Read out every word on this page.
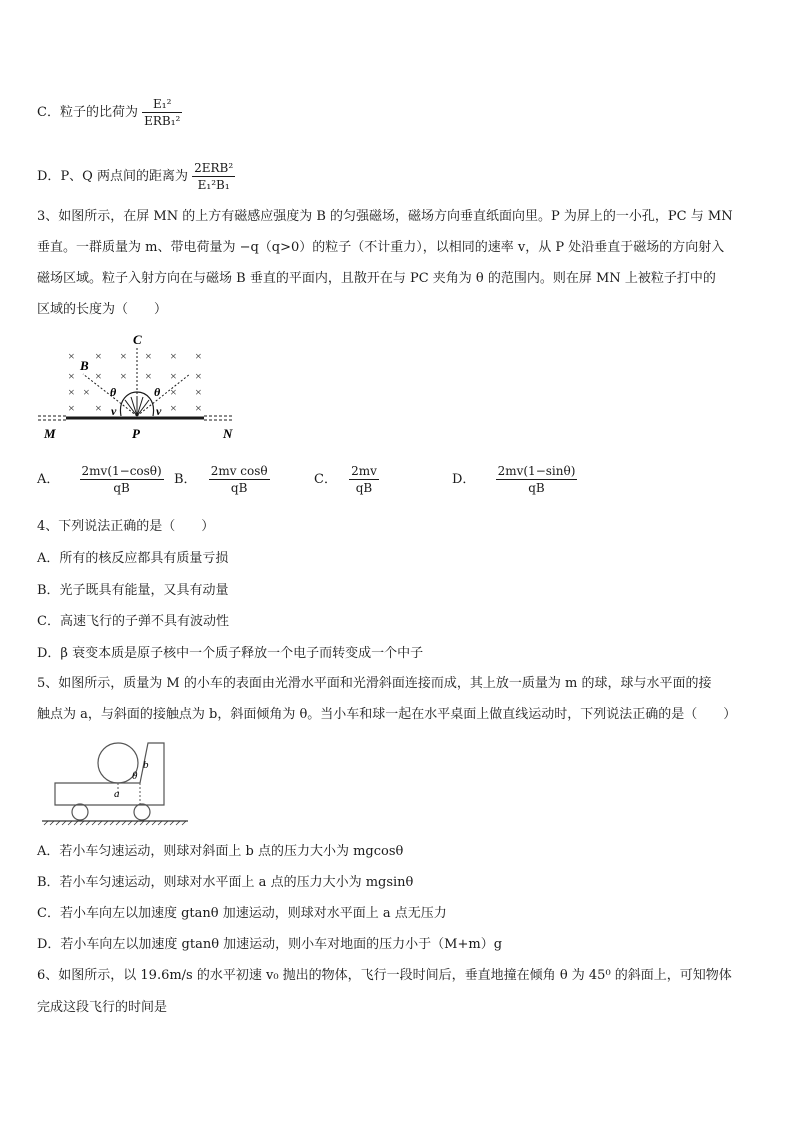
C．粒子的比荷为 $\frac{\text{E₁²}}{\text{ERB₁²}}$
D．P、Q 两点间的距离为 $\frac{\text{2ERB²}}{\text{E₁²B₁}}$
3、如图所示，在屏 MN 的上方有磁感应强度为 B 的匀强磁场，磁场方向垂直纸面向里。P 为屏上的一小孔，PC 与 MN
垂直。一群质量为 m、带电荷量为 −q（q>0）的粒子（不计重力），以相同的速率 v，从 P 处沿垂直于磁场的方向射入
磁场区域。粒子入射方向在与磁场 B 垂直的平面内，且散开在与 PC 夹角为 θ 的范围内。则在屏 MN 上被粒子打中的
区域的长度为（　　）
× × × × × ×
× × × × × ×
× ×	× ×
× ×	× ×
C
B
θ	θ
v	v
M	P	N
A． $\frac{2mv(1-\cos\theta)}{qB}$ B． $\frac{\text{2mv cosθ}}{qB}$	C． $\frac{2mv}{qB}$	D． $\frac{2mv(1-\sin\theta)}{qB}$
4、下列说法正确的是（　　）
A．所有的核反应都具有质量亏损
B．光子既具有能量，又具有动量
C．高速飞行的子弹不具有波动性
D．β 衰变本质是原子核中一个质子释放一个电子而转变成一个中子
5、如图所示，质量为 M 的小车的表面由光滑水平面和光滑斜面连接而成，其上放一质量为 m 的球，球与水平面的接
触点为 a，与斜面的接触点为 b，斜面倾角为 θ。当小车和球一起在水平桌面上做直线运动时，下列说法正确的是（　　）
a
b
θ
A．若小车匀速运动，则球对斜面上 b 点的压力大小为 mgcosθ
B．若小车匀速运动，则球对水平面上 a 点的压力大小为 mgsinθ
C．若小车向左以加速度 gtanθ 加速运动，则球对水平面上 a 点无压力
D．若小车向左以加速度 gtanθ 加速运动，则小车对地面的压力小于（M+m）g
6、如图所示，以 19.6m/s 的水平初速 v₀ 抛出的物体，飞行一段时间后，垂直地撞在倾角 θ 为 45⁰ 的斜面上，可知物体
完成这段飞行的时间是
